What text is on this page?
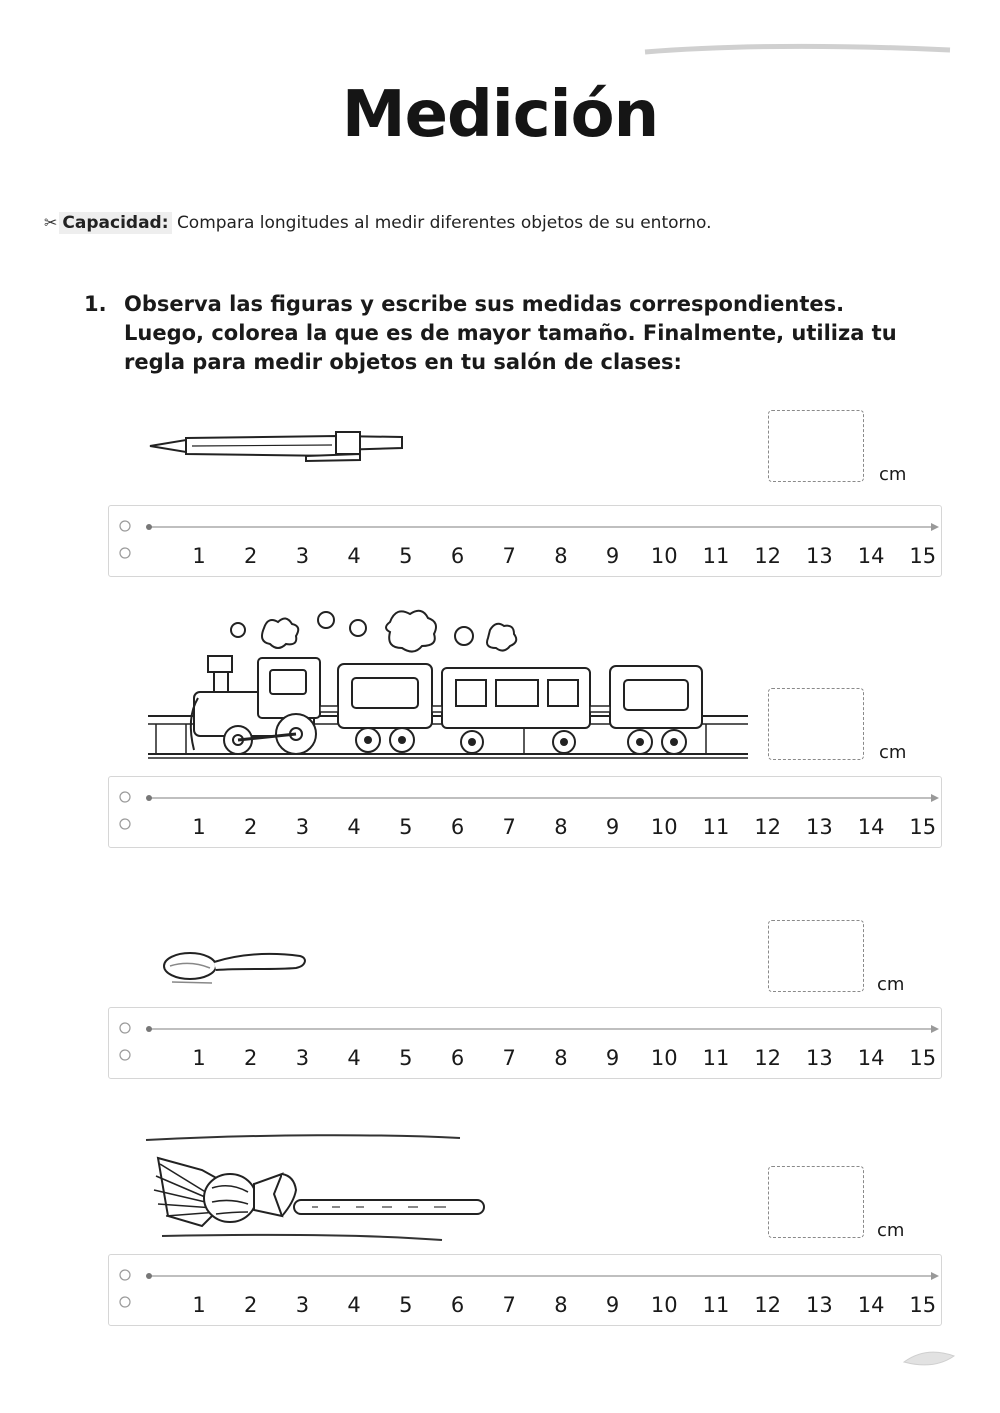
Medición
✂ Capacidad: Compara longitudes al medir diferentes objetos de su entorno.
1. Observa las figuras y escribe sus medidas correspondientes.
Luego, colorea la que es de mayor tamaño. Finalmente, utiliza tu
regla para medir objetos en tu salón de clases:
cm
cm
cm
cm
1 2 3 4 5 6 7 8 9 10 11 12 13 14 15
1 2 3 4 5 6 7 8 9 10 11 12 13 14 15
1 2 3 4 5 6 7 8 9 10 11 12 13 14 15
1 2 3 4 5 6 7 8 9 10 11 12 13 14 15
